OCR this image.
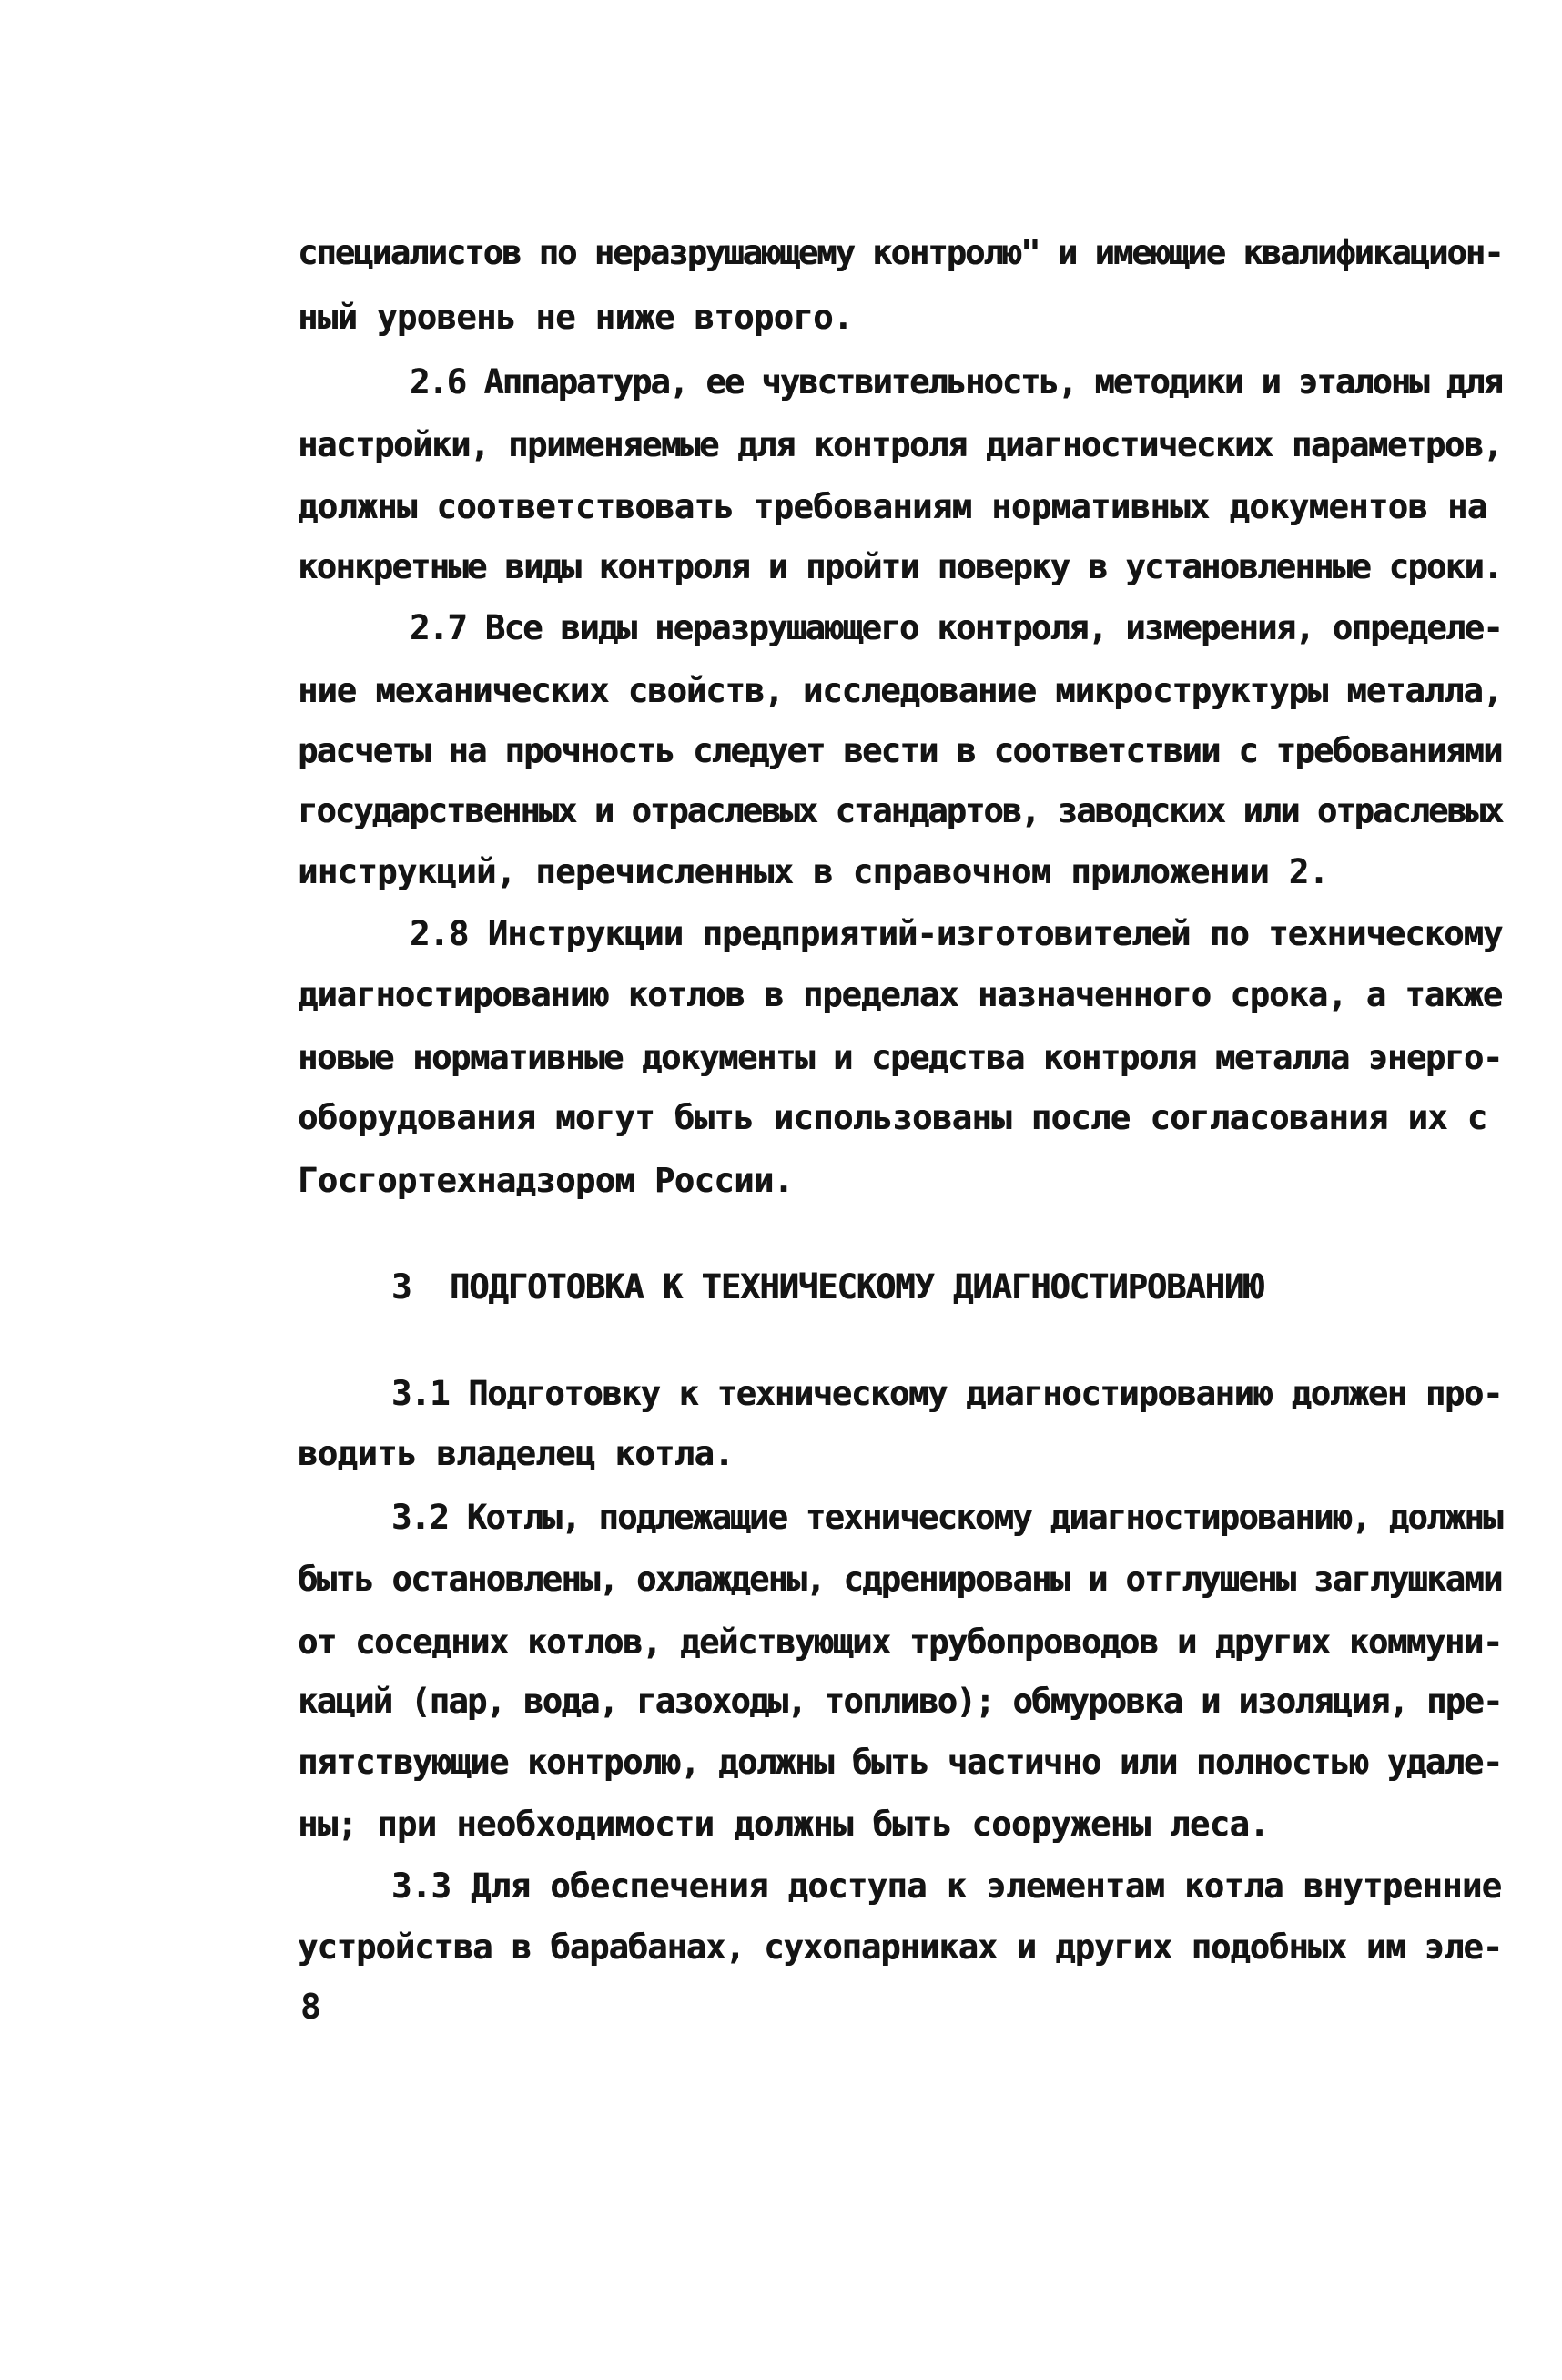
специалистов по неразрушающему контролю" и имеющие квалификацион-
ный уровень не ниже второго.
2.6 Аппаратура, ее чувствительность, методики и эталоны для
настройки, применяемые для контроля диагностических параметров,
должны соответствовать требованиям нормативных документов на
конкретные виды контроля и пройти поверку в установленные сроки.
2.7 Все виды неразрушающего контроля, измерения, определе-
ние механических свойств, исследование микроструктуры металла,
расчеты на прочность следует вести в соответствии с требованиями
государственных и отраслевых стандартов, заводских или отраслевых
инструкций, перечисленных в справочном приложении 2.
2.8 Инструкции предприятий-изготовителей по техническому
диагностированию котлов в пределах назначенного срока, а также
новые нормативные документы и средства контроля металла энерго-
оборудования могут быть использованы после согласования их с
Госгортехнадзором России.
3  ПОДГОТОВКА К ТЕХНИЧЕСКОМУ ДИАГНОСТИРОВАНИЮ
3.1 Подготовку к техническому диагностированию должен про-
водить владелец котла.
3.2 Котлы, подлежащие техническому диагностированию, должны
быть остановлены, охлаждены, сдренированы и отглушены заглушками
от соседних котлов, действующих трубопроводов и других коммуни-
каций (пар, вода, газоходы, топливо); обмуровка и изоляция, пре-
пятствующие контролю, должны быть частично или полностью удале-
ны; при необходимости должны быть сооружены леса.
3.3 Для обеспечения доступа к элементам котла внутренние
устройства в барабанах, сухопарниках и других подобных им эле-
8
